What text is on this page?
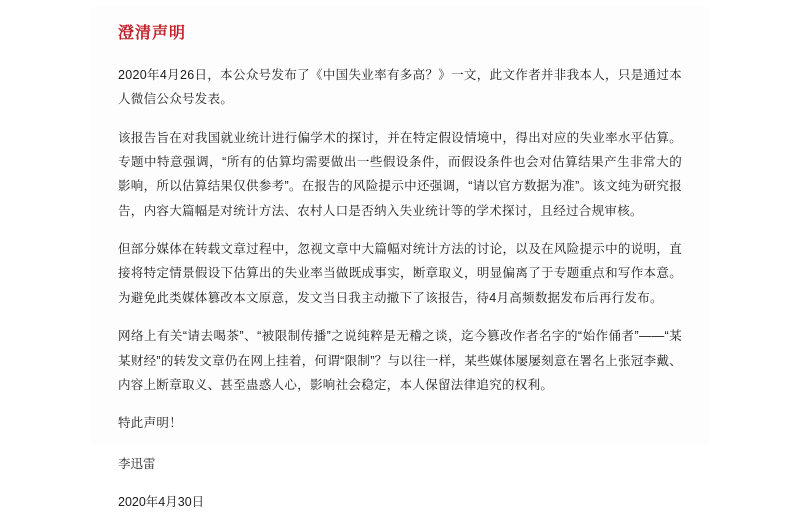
澄清声明

2020年4月26日，本公众号发布了《中国失业率有多高？》一文，此文作者并非我本人，只是通过本人微信公众号发表。

该报告旨在对我国就业统计进行偏学术的探讨，并在特定假设情境中，得出对应的失业率水平估算。专题中特意强调，“所有的估算均需要做出一些假设条件，而假设条件也会对估算结果产生非常大的影响，所以估算结果仅供参考”。在报告的风险提示中还强调，“请以官方数据为准”。该文纯为研究报告，内容大篇幅是对统计方法、农村人口是否纳入失业统计等的学术探讨，且经过合规审核。

但部分媒体在转载文章过程中，忽视文章中大篇幅对统计方法的讨论，以及在风险提示中的说明，直接将特定情景假设下估算出的失业率当做既成事实，断章取义，明显偏离了于专题重点和写作本意。为避免此类媒体篡改本文原意，发文当日我主动撤下了该报告，待4月高频数据发布后再行发布。

网络上有关“请去喝茶”、“被限制传播”之说纯粹是无稽之谈，迄今篡改作者名字的“始作俑者”——“某某财经”的转发文章仍在网上挂着，何谓“限制”？与以往一样，某些媒体屡屡刻意在署名上张冠李戴、内容上断章取义、甚至蛊惑人心，影响社会稳定，本人保留法律追究的权利。

特此声明！

李迅雷

2020年4月30日
